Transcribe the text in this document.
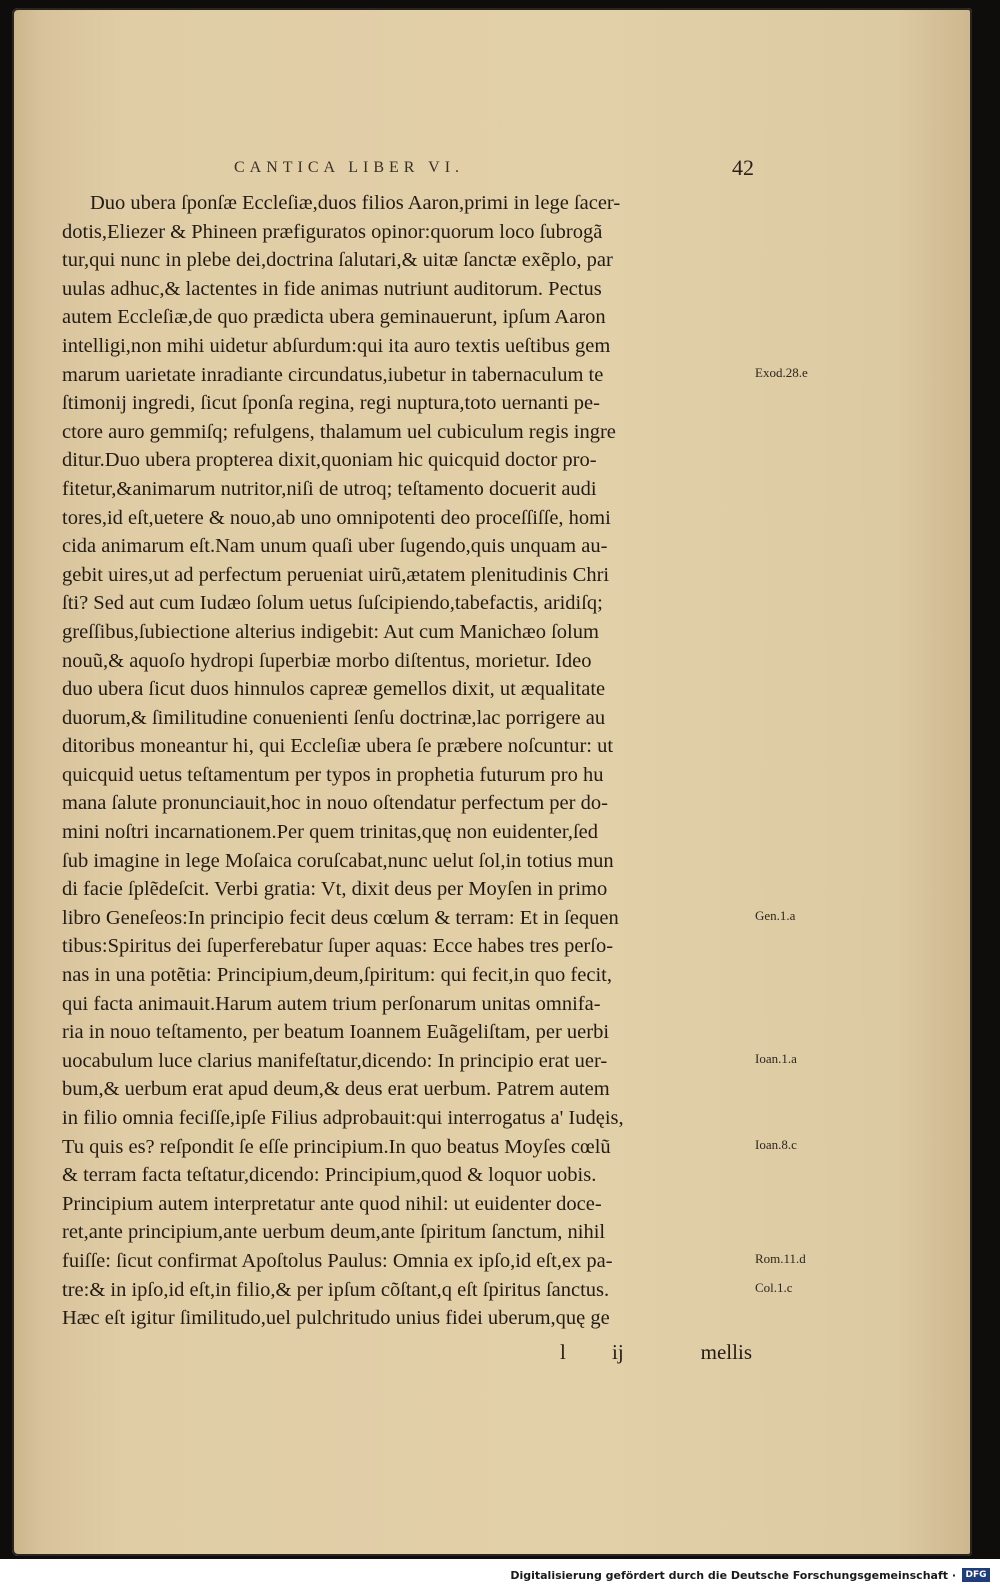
CANTICA LIBER VI.	42
Duo ubera ſponſæ Eccleſiæ,duos filios Aaron,primi in lege ſacer-
dotis,Eliezer & Phineen præfiguratos opinor:quorum loco ſubrogã
tur,qui nunc in plebe dei,doctrina ſalutari,& uitæ ſanctæ exẽplo, par
uulas adhuc,& lactentes in fide animas nutriunt auditorum. Pectus
autem Eccleſiæ,de quo prædicta ubera geminauerunt, ipſum Aaron
intelligi,non mihi uidetur abſurdum:qui ita auro textis ueſtibus gem
marum uarietate inradiante circundatus,iubetur in tabernaculum te
ſtimonij ingredi, ſicut ſponſa regina, regi nuptura,toto uernanti pe-
ctore auro gemmiſq; refulgens, thalamum uel cubiculum regis ingre
ditur.Duo ubera propterea dixit,quoniam hic quicquid doctor pro-
fitetur,&animarum nutritor,niſi de utroq; teſtamento docuerit audi
tores,id eſt,uetere & nouo,ab uno omnipotenti deo proceſſiſſe, homi
cida animarum eſt.Nam unum quaſi uber ſugendo,quis unquam au-
gebit uires,ut ad perfectum perueniat uirũ,ætatem plenitudinis Chri
ſti? Sed aut cum Iudæo ſolum uetus ſuſcipiendo,tabefactis, aridiſq;
greſſibus,ſubiectione alterius indigebit: Aut cum Manichæo ſolum
nouũ,& aquoſo hydropi ſuperbiæ morbo diſtentus, morietur. Ideo
duo ubera ſicut duos hinnulos capreæ gemellos dixit, ut æqualitate
duorum,& ſimilitudine conuenienti ſenſu doctrinæ,lac porrigere au
ditoribus moneantur hi, qui Eccleſiæ ubera ſe præbere noſcuntur: ut
quicquid uetus teſtamentum per typos in prophetia futurum pro hu
mana ſalute pronunciauit,hoc in nouo oſtendatur perfectum per do-
mini noſtri incarnationem.Per quem trinitas,quę non euidenter,ſed
ſub imagine in lege Moſaica coruſcabat,nunc uelut ſol,in totius mun
di facie ſplẽdeſcit. Verbi gratia: Vt, dixit deus per Moyſen in primo
libro Geneſeos:In principio fecit deus cœlum & terram: Et in ſequen
tibus:Spiritus dei ſuperferebatur ſuper aquas: Ecce habes tres perſo-
nas in una potẽtia: Principium,deum,ſpiritum: qui fecit,in quo fecit,
qui facta animauit.Harum autem trium perſonarum unitas omnifa-
ria in nouo teſtamento, per beatum Ioannem Euãgeliſtam, per uerbi
uocabulum luce clarius manifeſtatur,dicendo: In principio erat uer-
bum,& uerbum erat apud deum,& deus erat uerbum. Patrem autem
in filio omnia feciſſe,ipſe Filius adprobauit:qui interrogatus a' Iudęis,
Tu quis es? reſpondit ſe eſſe principium.In quo beatus Moyſes cœlũ
& terram facta teſtatur,dicendo: Principium,quod & loquor uobis.
Principium autem interpretatur ante quod nihil: ut euidenter doce-
ret,ante principium,ante uerbum deum,ante ſpiritum ſanctum, nihil
fuiſſe: ſicut confirmat Apoſtolus Paulus: Omnia ex ipſo,id eſt,ex pa-
tre:& in ipſo,id eſt,in filio,& per ipſum cõſtant,q eſt ſpiritus ſanctus.
Hæc eſt igitur ſimilitudo,uel pulchritudo unius fidei uberum,quę ge
Exod.28.e
Gen.1.a
Ioan.1.a
Ioan.8.c
Rom.11.d
Col.1.c
l ij	mellis
Digitalisierung gefördert durch die Deutsche Forschungsgemeinschaft ·	DFG
